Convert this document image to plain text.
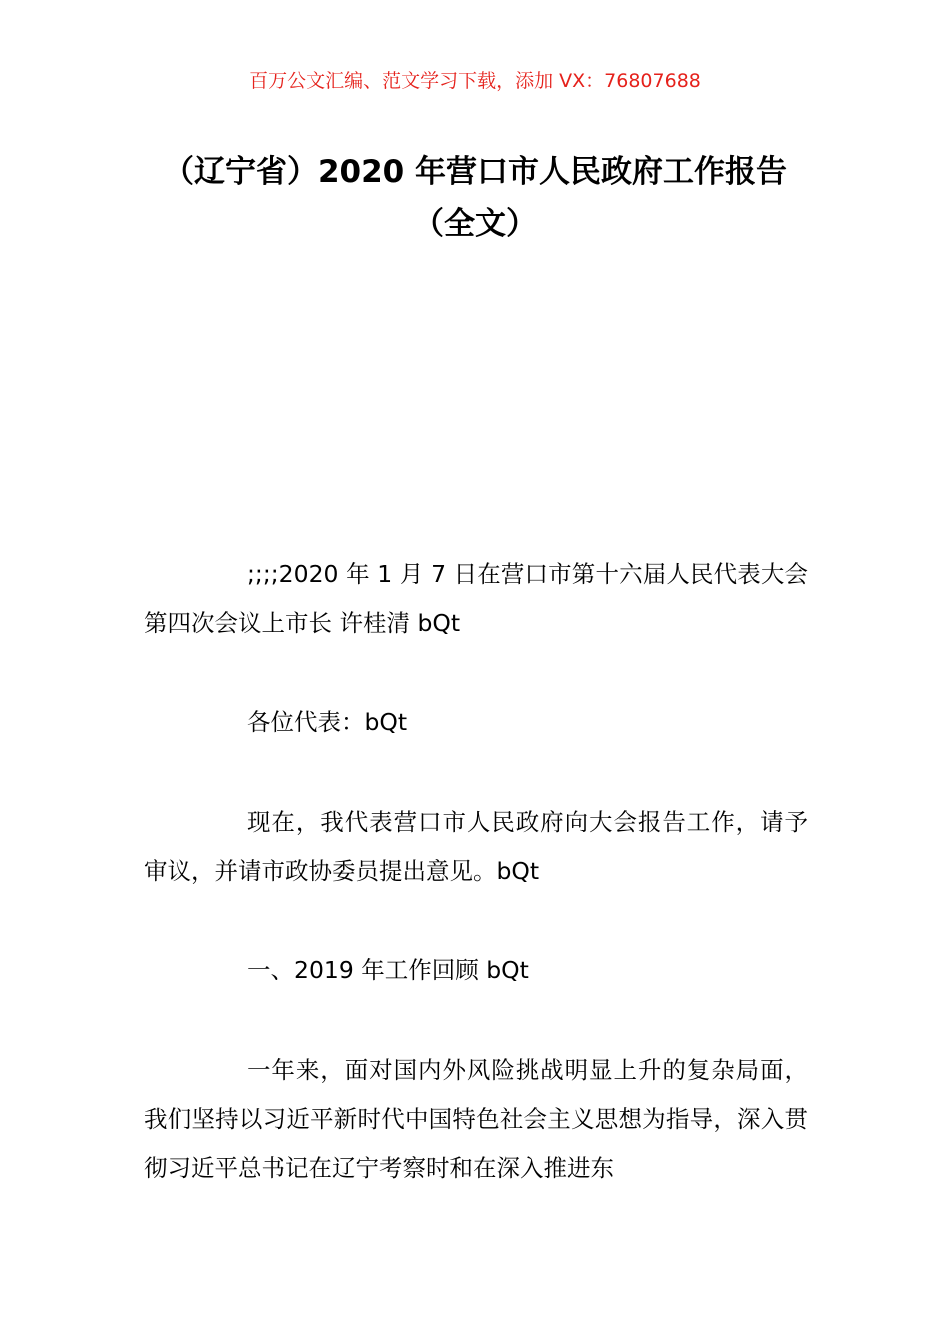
百万公文汇编、范文学习下载，添加 VX：76807688
（辽宁省）2020 年营口市人民政府工作报告（全文）
;;;;2020 年 1 月 7 日在营口市第十六届人民代表大会第四次会议上市长 许桂清 bQt
各位代表：bQt
现在，我代表营口市人民政府向大会报告工作，请予审议，并请市政协委员提出意见。bQt
一、2019 年工作回顾 bQt
一年来，面对国内外风险挑战明显上升的复杂局面，我们坚持以习近平新时代中国特色社会主义思想为指导，深入贯彻习近平总书记在辽宁考察时和在深入推进东
